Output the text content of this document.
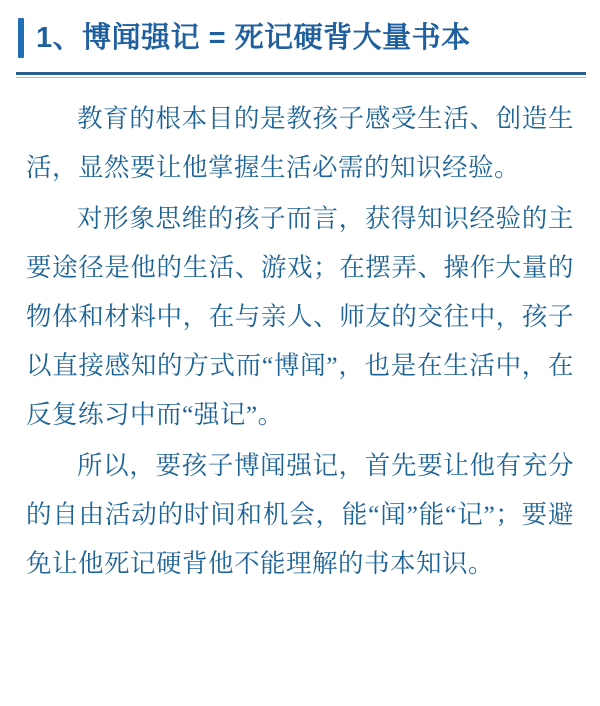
1、博闻强记 = 死记硬背大量书本

教育的根本目的是教孩子感受生活、创造生活，显然要让他掌握生活必需的知识经验。

对形象思维的孩子而言，获得知识经验的主要途径是他的生活、游戏；在摆弄、操作大量的物体和材料中，在与亲人、师友的交往中，孩子以直接感知的方式而“博闻”，也是在生活中，在反复练习中而“强记”。

所以，要孩子博闻强记，首先要让他有充分的自由活动的时间和机会，能“闻”能“记”；要避免让他死记硬背他不能理解的书本知识。
